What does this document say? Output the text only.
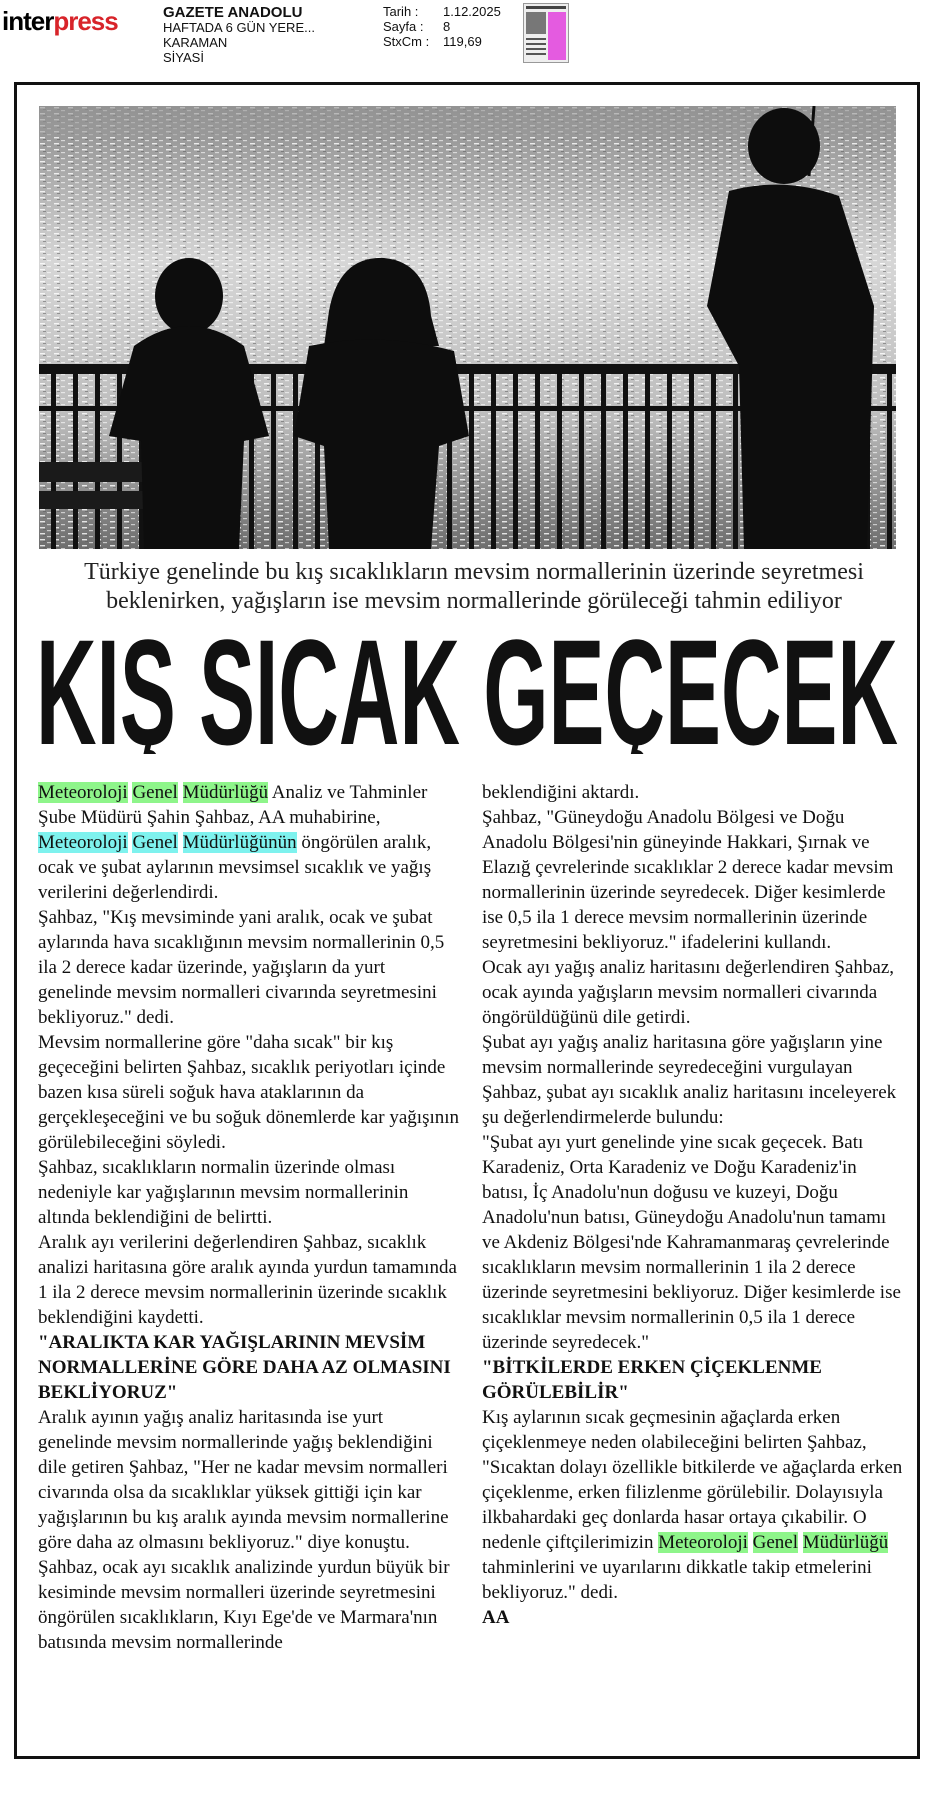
interpress	GAZETE ANADOLU
HAFTADA 6 GÜN YERE...
KARAMAN
SİYASİ
Tarih :	1.12.2025
Sayfa :	8
StxCm :	119,69
Türkiye genelinde bu kış sıcaklıkların mevsim normallerinin üzerinde seyretmesi beklenirken, yağışların ise mevsim normallerinde görüleceği tahmin ediliyor
KIŞ SICAK GEÇECEK

Meteoroloji Genel Müdürlüğü Analiz ve Tahminler Şube Müdürü Şahin Şahbaz, AA muhabirine, Meteoroloji Genel Müdürlüğünün öngörülen aralık, ocak ve şubat aylarının mevsimsel sıcaklık ve yağış verilerini değerlendirdi.

Şahbaz, "Kış mevsiminde yani aralık, ocak ve şubat aylarında hava sıcaklığının mevsim normallerinin 0,5 ila 2 derece kadar üzerinde, yağışların da yurt genelinde mevsim normalleri civarında seyretmesini bekliyoruz." dedi.

Mevsim normallerine göre "daha sıcak" bir kış geçeceğini belirten Şahbaz, sıcaklık periyotları içinde bazen kısa süreli soğuk hava ataklarının da gerçekleşeceğini ve bu soğuk dönemlerde kar yağışının görülebileceğini söyledi.

Şahbaz, sıcaklıkların normalin üzerinde olması nedeniyle kar yağışlarının mevsim normallerinin altında beklendiğini de belirtti.

Aralık ayı verilerini değerlendiren Şahbaz, sıcaklık analizi haritasına göre aralık ayında yurdun tamamında 1 ila 2 derece mevsim normallerinin üzerinde sıcaklık beklendiğini kaydetti.

"ARALIKTA KAR YAĞIŞLARININ MEVSİM NORMALLERİNE GÖRE DAHA AZ OLMASINI BEKLİYORUZ"

Aralık ayının yağış analiz haritasında ise yurt genelinde mevsim normallerinde yağış beklendiğini dile getiren Şahbaz, "Her ne kadar mevsim normalleri civarında olsa da sıcaklıklar yüksek gittiği için kar yağışlarının bu kış aralık ayında mevsim normallerine göre daha az olmasını bekliyoruz." diye konuştu.

Şahbaz, ocak ayı sıcaklık analizinde yurdun büyük bir kesiminde mevsim normalleri üzerinde seyretmesini öngörülen sıcaklıkların, Kıyı Ege'de ve Marmara'nın batısında mevsim normallerinde

beklendiğini aktardı.

Şahbaz, "Güneydoğu Anadolu Bölgesi ve Doğu Anadolu Bölgesi'nin güneyinde Hakkari, Şırnak ve Elazığ çevrelerinde sıcaklıklar 2 derece kadar mevsim normallerinin üzerinde seyredecek. Diğer kesimlerde ise 0,5 ila 1 derece mevsim normallerinin üzerinde seyretmesini bekliyoruz." ifadelerini kullandı.

Ocak ayı yağış analiz haritasını değerlendiren Şahbaz, ocak ayında yağışların mevsim normalleri civarında öngörüldüğünü dile getirdi.

Şubat ayı yağış analiz haritasına göre yağışların yine mevsim normallerinde seyredeceğini vurgulayan Şahbaz, şubat ayı sıcaklık analiz haritasını inceleyerek şu değerlendirmelerde bulundu:

"Şubat ayı yurt genelinde yine sıcak geçecek. Batı Karadeniz, Orta Karadeniz ve Doğu Karadeniz'in batısı, İç Anadolu'nun doğusu ve kuzeyi, Doğu Anadolu'nun batısı, Güneydoğu Anadolu'nun tamamı ve Akdeniz Bölgesi'nde Kahramanmaraş çevrelerinde sıcaklıkların mevsim normallerinin 1 ila 2 derece üzerinde seyretmesini bekliyoruz. Diğer kesimlerde ise sıcaklıklar mevsim normallerinin 0,5 ila 1 derece üzerinde seyredecek."

"BİTKİLERDE ERKEN ÇİÇEKLENME GÖRÜLEBİLİR"

Kış aylarının sıcak geçmesinin ağaçlarda erken çiçeklenmeye neden olabileceğini belirten Şahbaz, "Sıcaktan dolayı özellikle bitkilerde ve ağaçlarda erken çiçeklenme, erken filizlenme görülebilir. Dolayısıyla ilkbahardaki geç donlarda hasar ortaya çıkabilir. O nedenle çiftçilerimizin Meteoroloji Genel Müdürlüğü tahminlerini ve uyarılarını dikkatle takip etmelerini bekliyoruz." dedi.

AA
